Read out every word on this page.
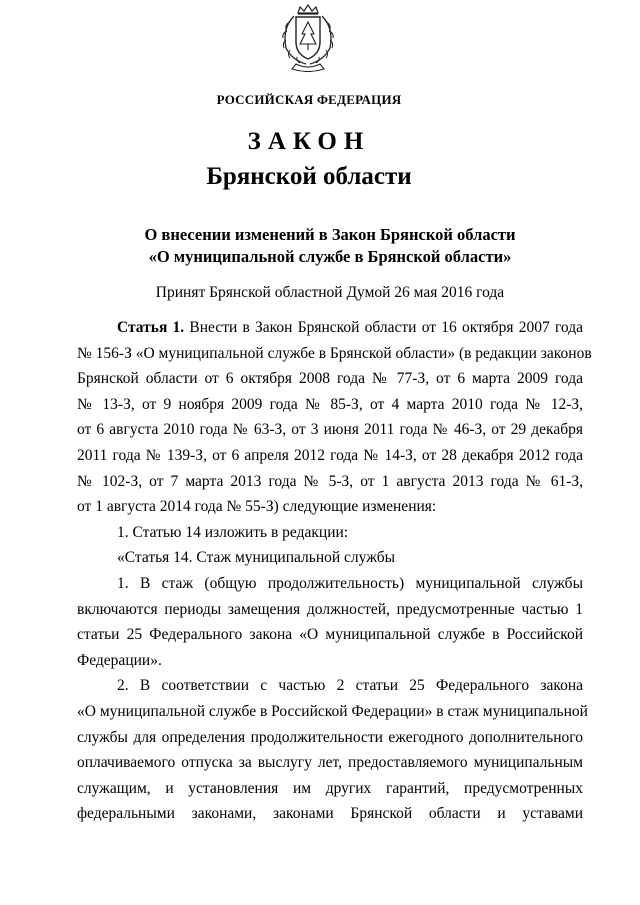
РОССИЙСКАЯ ФЕДЕРАЦИЯ
ЗАКОН
Брянской области
О внесении изменений в Закон Брянской области
«О муниципальной службе в Брянской области»
Принят Брянской областной Думой 26 мая 2016 года
Статья 1. Внести в Закон Брянской области от 16 октября 2007 года
№ 156-З «О муниципальной службе в Брянской области» (в редакции законов
Брянской области от 6 октября 2008 года № 77-З, от 6 марта 2009 года
№ 13-З, от 9 ноября 2009 года № 85-З, от 4 марта 2010 года № 12-З,
от 6 августа 2010 года № 63-З, от 3 июня 2011 года № 46-З, от 29 декабря
2011 года № 139-З, от 6 апреля 2012 года № 14-З, от 28 декабря 2012 года
№ 102-З, от 7 марта 2013 года № 5-З, от 1 августа 2013 года № 61-З,
от 1 августа 2014 года № 55-З) следующие изменения:
1. Статью 14 изложить в редакции:
«Статья 14. Стаж муниципальной службы
1. В стаж (общую продолжительность) муниципальной службы
включаются периоды замещения должностей, предусмотренные частью 1
статьи 25 Федерального закона «О муниципальной службе в Российской
Федерации».
2. В соответствии с частью 2 статьи 25 Федерального закона
«О муниципальной службе в Российской Федерации» в стаж муниципальной
службы для определения продолжительности ежегодного дополнительного
оплачиваемого отпуска за выслугу лет, предоставляемого муниципальным
служащим, и установления им других гарантий, предусмотренных
федеральными законами, законами Брянской области и уставами
